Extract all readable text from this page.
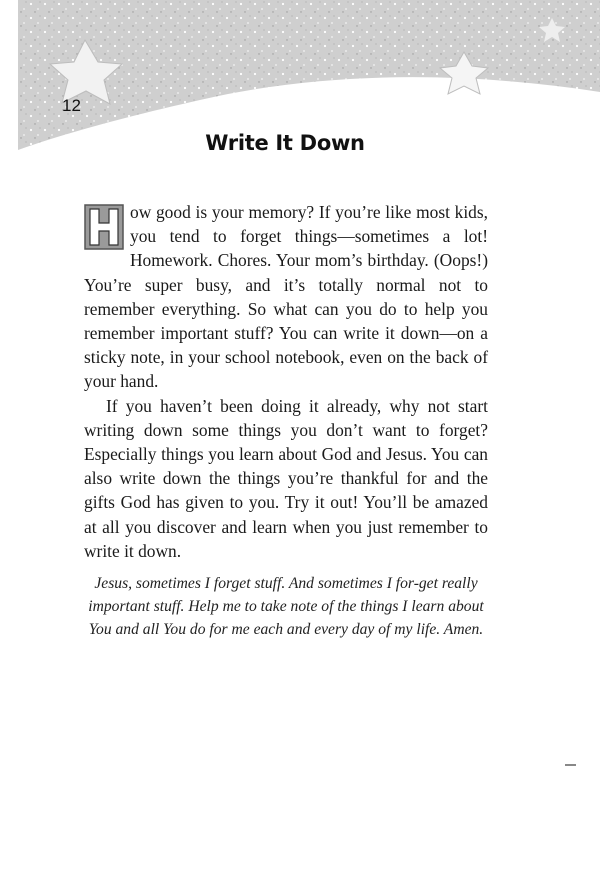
12
Write It Down

ow good is your memory? If you’re like most kids, you tend to forget things—sometimes a lot! Homework. Chores. Your mom’s birthday. (Oops!) You’re super busy, and it’s totally normal not to remember everything. So what can you do to help you remember important stuff? You can write it down—on a sticky note, in your school notebook, even on the back of your hand.

If you haven’t been doing it already, why not start writing down some things you don’t want to forget? Especially things you learn about God and Jesus. You can also write down the things you’re thankful for and the gifts God has given to you. Try it out! You’ll be amazed at all you discover and learn when you just remember to write it down.

Jesus, sometimes I forget stuff. And sometimes I for-get really important stuff. Help me to take note of the things I learn about You and all You do for me each and every day of my life. Amen.
